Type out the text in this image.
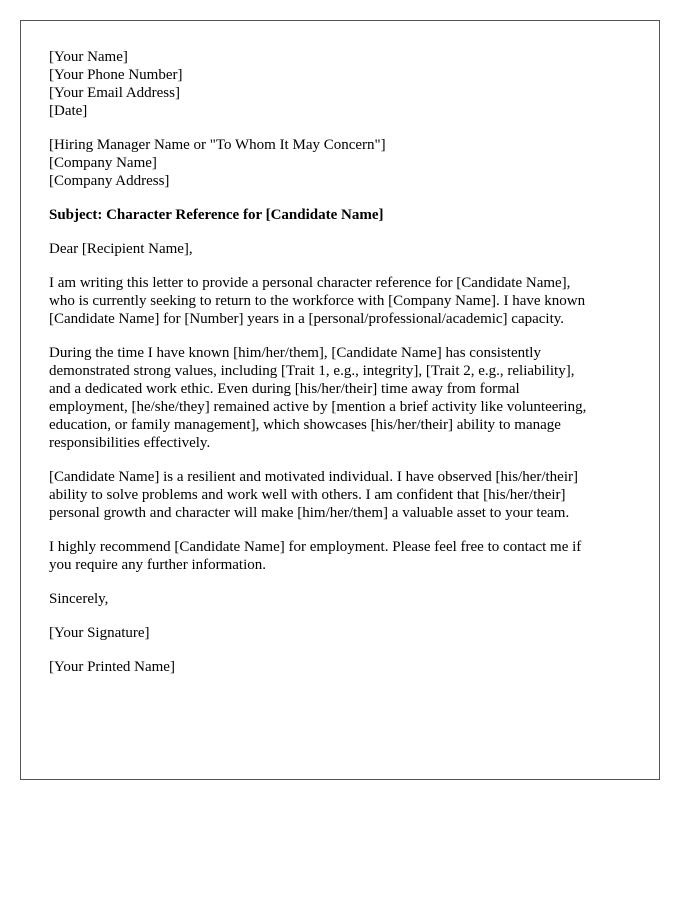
[Your Name]
[Your Phone Number]
[Your Email Address]
[Date]
[Hiring Manager Name or "To Whom It May Concern"]
[Company Name]
[Company Address]
Subject: Character Reference for [Candidate Name]
Dear [Recipient Name],
I am writing this letter to provide a personal character reference for [Candidate Name],
who is currently seeking to return to the workforce with [Company Name]. I have known
[Candidate Name] for [Number] years in a [personal/professional/academic] capacity.
During the time I have known [him/her/them], [Candidate Name] has consistently
demonstrated strong values, including [Trait 1, e.g., integrity], [Trait 2, e.g., reliability],
and a dedicated work ethic. Even during [his/her/their] time away from formal
employment, [he/she/they] remained active by [mention a brief activity like volunteering,
education, or family management], which showcases [his/her/their] ability to manage
responsibilities effectively.
[Candidate Name] is a resilient and motivated individual. I have observed [his/her/their]
ability to solve problems and work well with others. I am confident that [his/her/their]
personal growth and character will make [him/her/them] a valuable asset to your team.
I highly recommend [Candidate Name] for employment. Please feel free to contact me if
you require any further information.
Sincerely,
[Your Signature]
[Your Printed Name]
